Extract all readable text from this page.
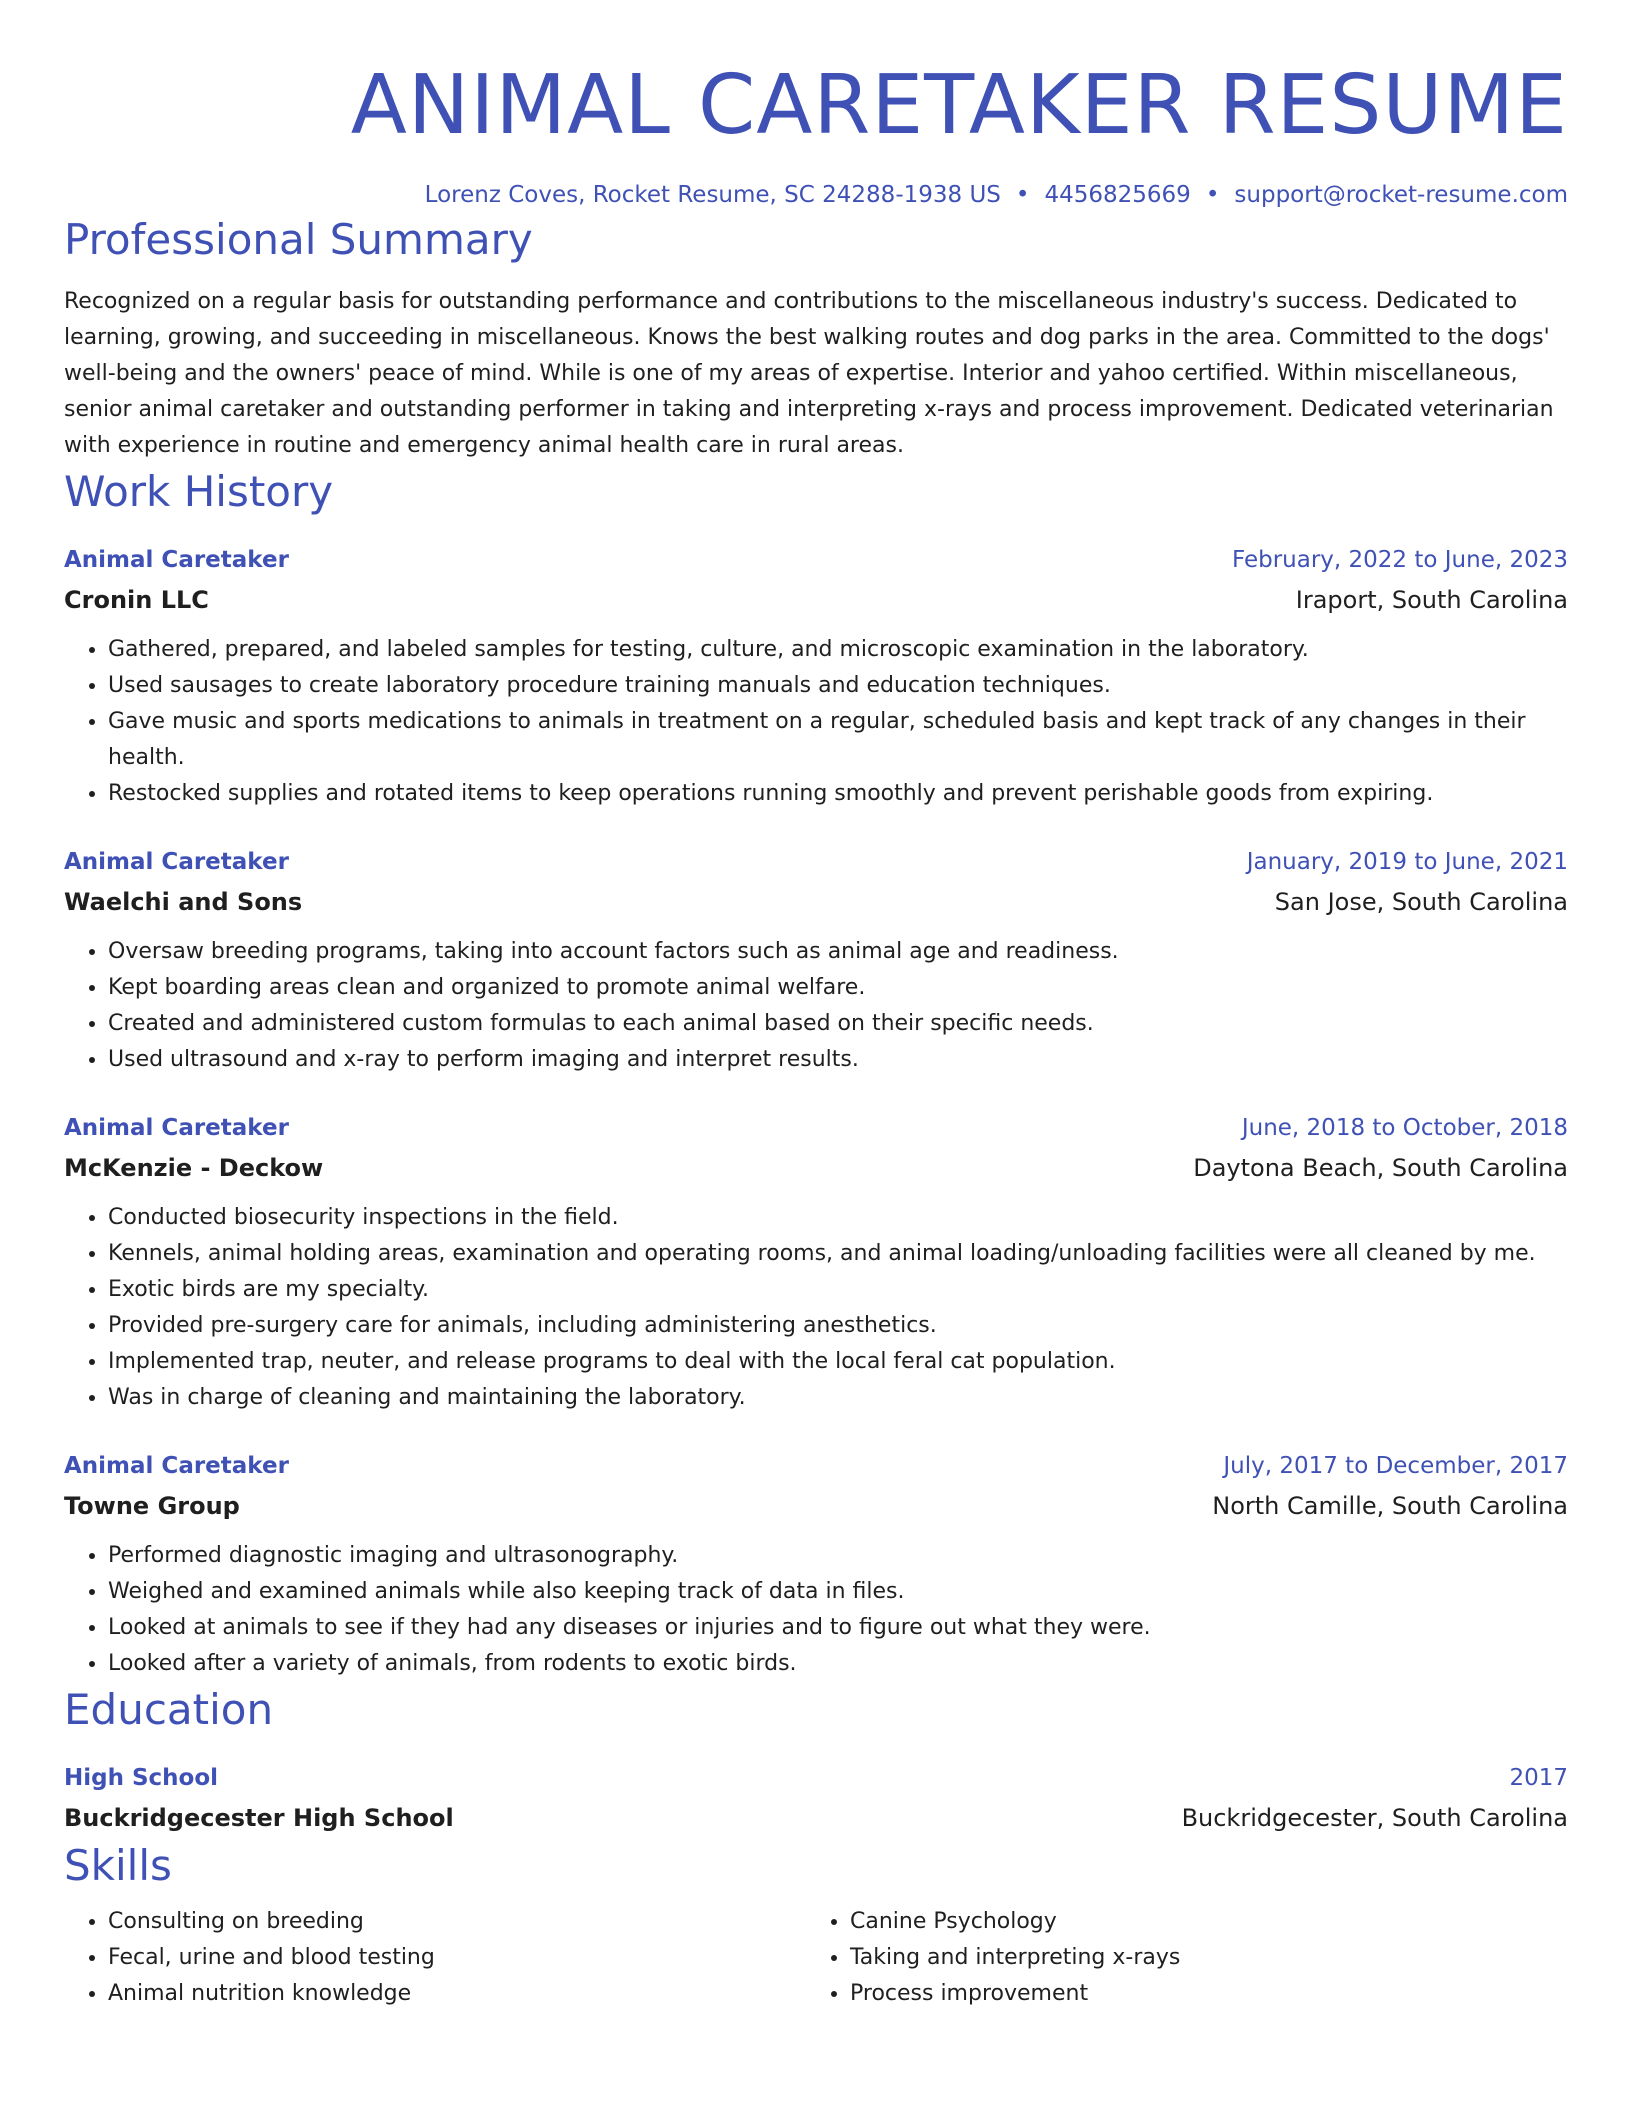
ANIMAL CARETAKER RESUME
Lorenz Coves, Rocket Resume, SC 24288-1938 US • 4456825669 • support@rocket-resume.com
Professional Summary
Recognized on a regular basis for outstanding performance and contributions to the miscellaneous industry's success. Dedicated to learning, growing, and succeeding in miscellaneous. Knows the best walking routes and dog parks in the area. Committed to the dogs' well-being and the owners' peace of mind. While is one of my areas of expertise. Interior and yahoo certified. Within miscellaneous, senior animal caretaker and outstanding performer in taking and interpreting x-rays and process improvement. Dedicated veterinarian with experience in routine and emergency animal health care in rural areas.
Work History
Animal Caretaker	February, 2022 to June, 2023
Cronin LLC	Iraport, South Carolina
• Gathered, prepared, and labeled samples for testing, culture, and microscopic examination in the laboratory.
• Used sausages to create laboratory procedure training manuals and education techniques.
• Gave music and sports medications to animals in treatment on a regular, scheduled basis and kept track of any changes in their health.
• Restocked supplies and rotated items to keep operations running smoothly and prevent perishable goods from expiring.
Animal Caretaker	January, 2019 to June, 2021
Waelchi and Sons	San Jose, South Carolina
• Oversaw breeding programs, taking into account factors such as animal age and readiness.
• Kept boarding areas clean and organized to promote animal welfare.
• Created and administered custom formulas to each animal based on their specific needs.
• Used ultrasound and x-ray to perform imaging and interpret results.
Animal Caretaker	June, 2018 to October, 2018
McKenzie - Deckow	Daytona Beach, South Carolina
• Conducted biosecurity inspections in the field.
• Kennels, animal holding areas, examination and operating rooms, and animal loading/unloading facilities were all cleaned by me.
• Exotic birds are my specialty.
• Provided pre-surgery care for animals, including administering anesthetics.
• Implemented trap, neuter, and release programs to deal with the local feral cat population.
• Was in charge of cleaning and maintaining the laboratory.
Animal Caretaker	July, 2017 to December, 2017
Towne Group	North Camille, South Carolina
• Performed diagnostic imaging and ultrasonography.
• Weighed and examined animals while also keeping track of data in files.
• Looked at animals to see if they had any diseases or injuries and to figure out what they were.
• Looked after a variety of animals, from rodents to exotic birds.
Education
High School	2017
Buckridgecester High School	Buckridgecester, South Carolina
Skills
• Consulting on breeding
• Fecal, urine and blood testing
• Animal nutrition knowledge
• Canine Psychology
• Taking and interpreting x-rays
• Process improvement
